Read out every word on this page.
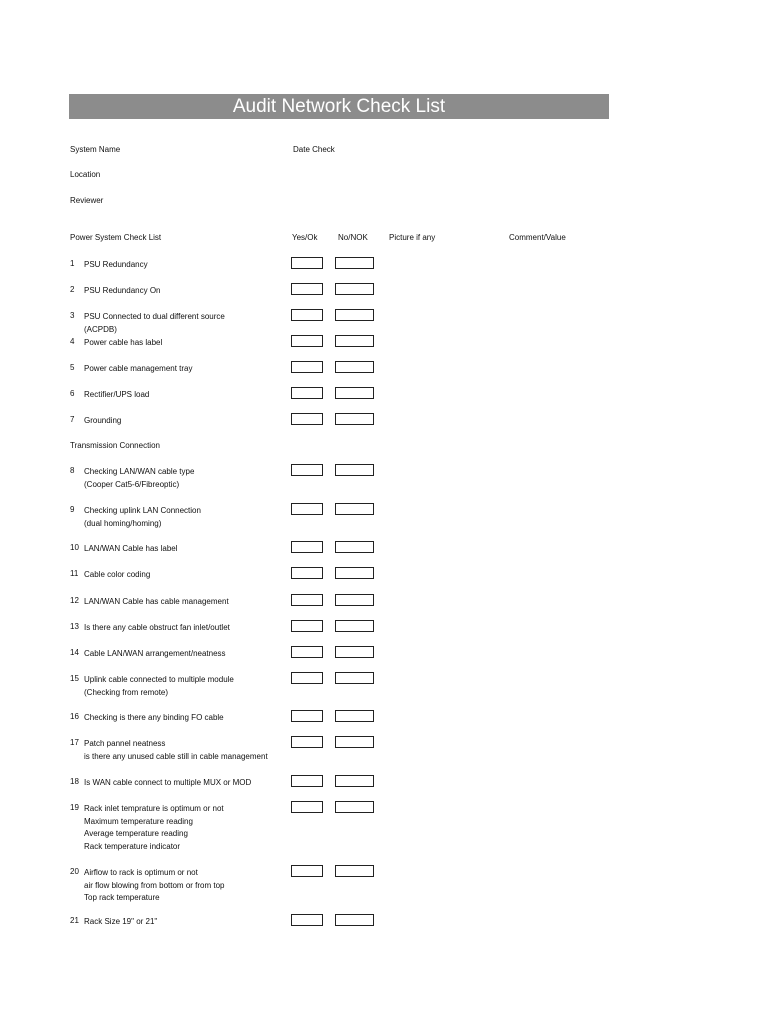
Audit Network Check List
System Name	Date Check
Location
Reviewer
Power System Check List	Yes/Ok	No/NOK	Picture if any	Comment/Value
Transmission Connection
1 PSU Redundancy
2 PSU Redundancy On
3 PSU Connected to dual different source
(ACPDB)
4 Power cable has label
5 Power cable management tray
6 Rectifier/UPS load
7 Grounding
8 Checking LAN/WAN cable type
(Cooper Cat5-6/Fibreoptic)
9 Checking uplink LAN Connection
(dual homing/homing)
10 LAN/WAN Cable has label
11 Cable color coding
12 LAN/WAN Cable has cable management
13 Is there any cable obstruct fan inlet/outlet
14 Cable LAN/WAN arrangement/neatness
15 Uplink cable connected to multiple module
(Checking from remote)
16 Checking is there any binding FO cable
17 Patch pannel neatness
is there any unused cable still in cable management
18 Is WAN cable connect to multiple MUX or MOD
19 Rack inlet temprature is optimum or not
Maximum temperature reading
Average temperature reading
Rack temperature indicator
20 Airflow to rack is optimum or not
air flow blowing from bottom or from top
Top rack temperature
21 Rack Size 19" or 21"
